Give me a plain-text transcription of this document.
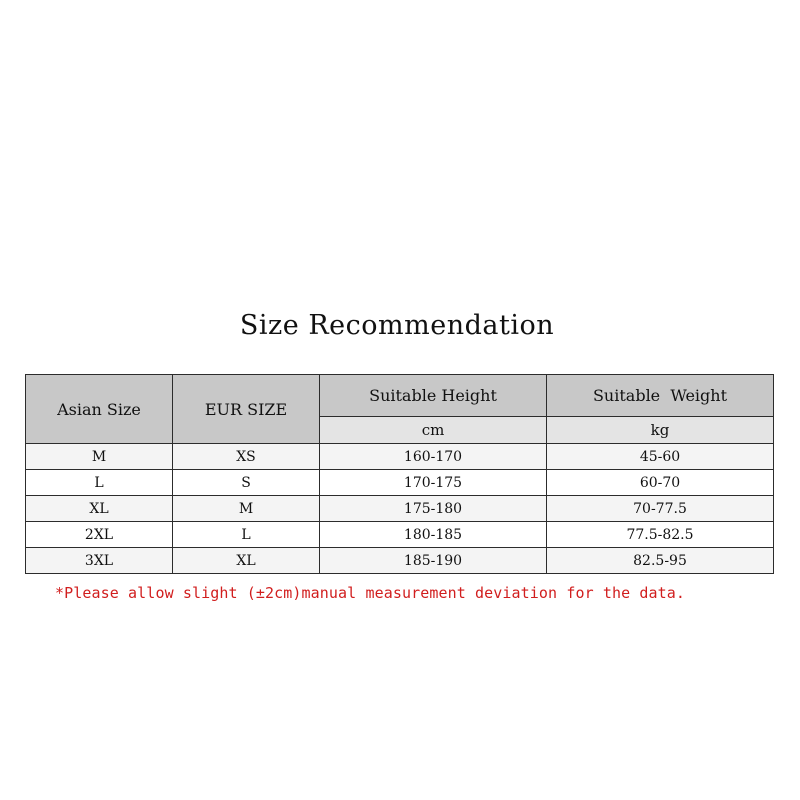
Size Recommendation
Asian Size	EUR SIZE	Suitable Height	Suitable  Weight
		cm	kg
M	XS	160-170	45-60
L	S	170-175	60-70
XL	M	175-180	70-77.5
2XL	L	180-185	77.5-82.5
3XL	XL	185-190	82.5-95
*Please allow slight (±2cm)manual measurement deviation for the data.
